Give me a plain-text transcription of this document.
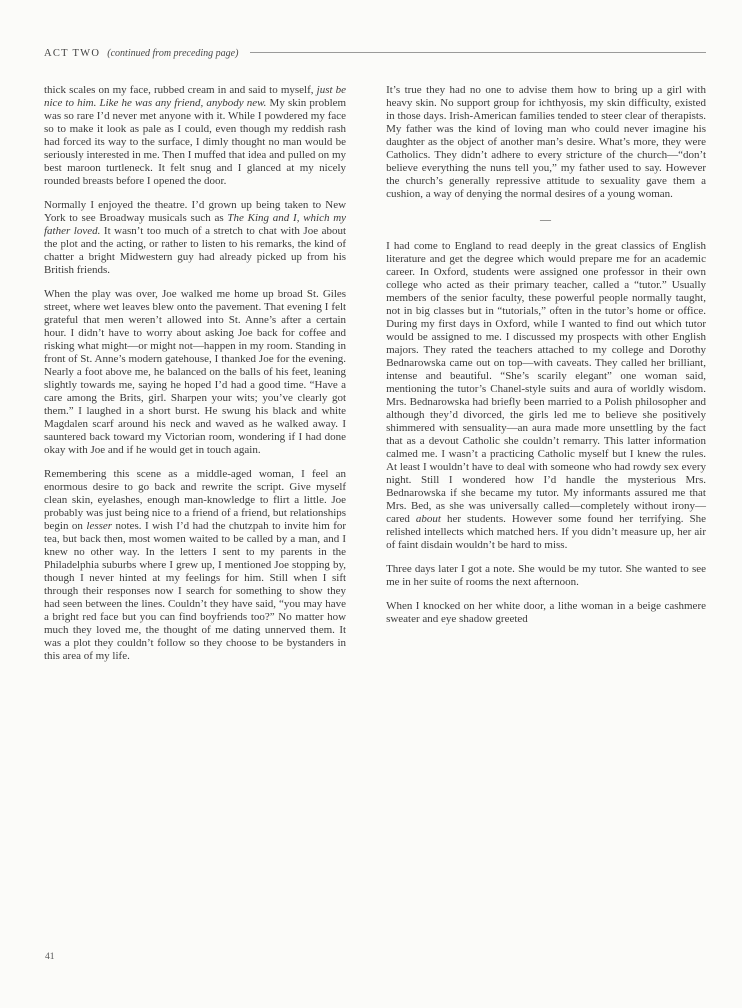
ACT TWO (continued from preceding page)

thick scales on my face, rubbed cream in and said to myself, just be nice to him. Like he was any friend, anybody new. My skin problem was so rare I’d never met anyone with it. While I powdered my face so to make it look as pale as I could, even though my reddish rash had forced its way to the surface, I dimly thought no man would be seriously interested in me. Then I muffed that idea and pulled on my best maroon turtleneck. It felt snug and I glanced at my nicely rounded breasts before I opened the door.

Normally I enjoyed the theatre. I’d grown up being taken to New York to see Broadway musicals such as The King and I, which my father loved. It wasn’t too much of a stretch to chat with Joe about the plot and the acting, or rather to listen to his remarks, the kind of chatter a bright Midwestern guy had already picked up from his British friends.

When the play was over, Joe walked me home up broad St. Giles street, where wet leaves blew onto the pavement. That evening I felt grateful that men weren’t allowed into St. Anne’s after a certain hour. I didn’t have to worry about asking Joe back for coffee and risking what might—or might not—happen in my room. Standing in front of St. Anne’s modern gatehouse, I thanked Joe for the evening. Nearly a foot above me, he balanced on the balls of his feet, leaning slightly towards me, saying he hoped I’d had a good time. “Have a care among the Brits, girl. Sharpen your wits; you’ve clearly got them.” I laughed in a short burst. He swung his black and white Magdalen scarf around his neck and waved as he walked away. I sauntered back toward my Victorian room, wondering if I had done okay with Joe and if he would get in touch again.

Remembering this scene as a middle-aged woman, I feel an enormous desire to go back and rewrite the script. Give myself clean skin, eyelashes, enough man-knowledge to flirt a little. Joe probably was just being nice to a friend of a friend, but relationships begin on lesser notes. I wish I’d had the chutzpah to invite him for tea, but back then, most women waited to be called by a man, and I knew no other way. In the letters I sent to my parents in the Philadelphia suburbs where I grew up, I mentioned Joe stopping by, though I never hinted at my feelings for him. Still when I sift through their responses now I search for something to show they had seen between the lines. Couldn’t they have said, “you may have a bright red face but you can find boyfriends too?” No matter how much they loved me, the thought of me dating unnerved them. It was a plot they couldn’t follow so they choose to be bystanders in this area of my life.

It’s true they had no one to advise them how to bring up a girl with heavy skin. No support group for ichthyosis, my skin difficulty, existed in those days. Irish-American families tended to steer clear of therapists. My father was the kind of loving man who could never imagine his daughter as the object of another man’s desire. What’s more, they were Catholics. They didn’t adhere to every stricture of the church—“don’t believe everything the nuns tell you,” my father used to say. However the church’s generally repressive attitude to sexuality gave them a cushion, a way of denying the normal desires of a young woman.

—

I had come to England to read deeply in the great classics of English literature and get the degree which would prepare me for an academic career. In Oxford, students were assigned one professor in their own college who acted as their primary teacher, called a “tutor.” Usually members of the senior faculty, these powerful people normally taught, not in big classes but in “tutorials,” often in the tutor’s home or office. During my first days in Oxford, while I wanted to find out which tutor would be assigned to me. I discussed my prospects with other English majors. They rated the teachers attached to my college and Dorothy Bednarowska came out on top—with caveats. They called her brilliant, intense and beautiful. “She’s scarily elegant” one woman said, mentioning the tutor’s Chanel-style suits and aura of worldly wisdom. Mrs. Bednarowska had briefly been married to a Polish philosopher and although they’d divorced, the girls led me to believe she positively shimmered with sensuality—an aura made more unsettling by the fact that as a devout Catholic she couldn’t remarry. This latter information calmed me. I wasn’t a practicing Catholic myself but I knew the rules. At least I wouldn’t have to deal with someone who had rowdy sex every night. Still I wondered how I’d handle the mysterious Mrs. Bednarowska if she became my tutor. My informants assured me that Mrs. Bed, as she was universally called—completely without irony—cared about her students. However some found her terrifying. She relished intellects which matched hers. If you didn’t measure up, her air of faint disdain wouldn’t be hard to miss.

Three days later I got a note. She would be my tutor. She wanted to see me in her suite of rooms the next afternoon.

When I knocked on her white door, a lithe woman in a beige cashmere sweater and eye shadow greeted

41
